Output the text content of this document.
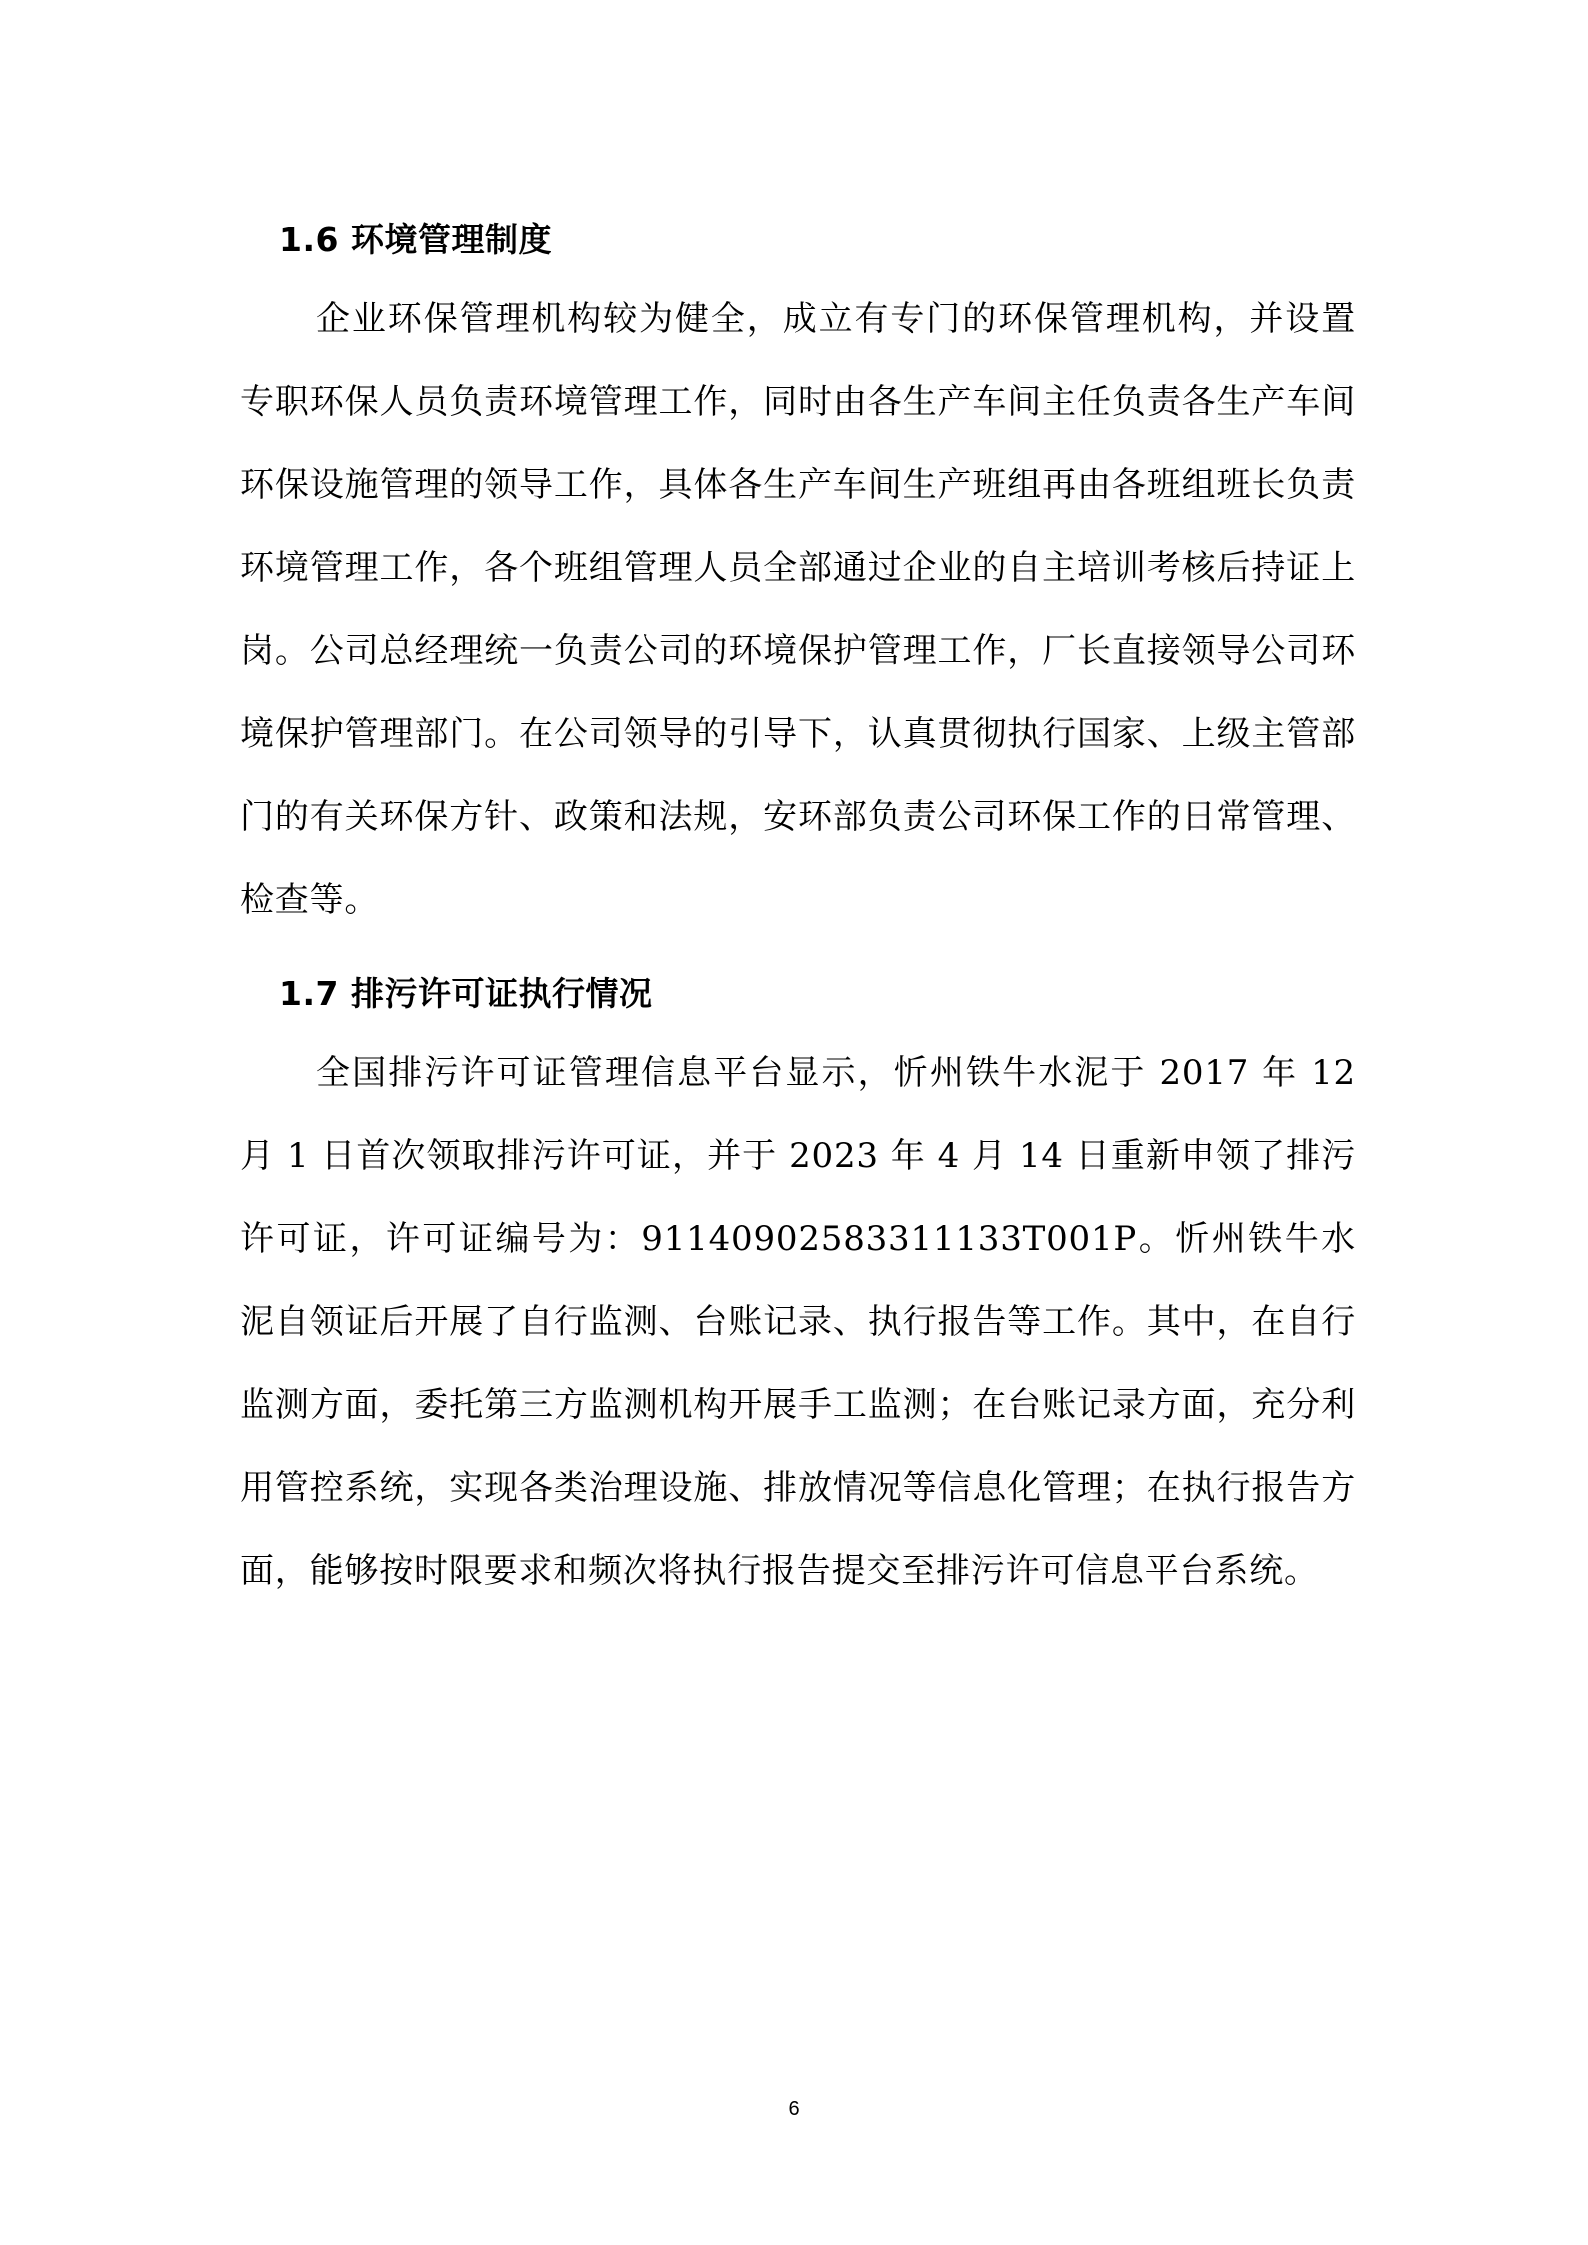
1.6 环境管理制度

企业环保管理机构较为健全，成立有专门的环保管理机构，并设置专职环保人员负责环境管理工作，同时由各生产车间主任负责各生产车间环保设施管理的领导工作，具体各生产车间生产班组再由各班组班长负责环境管理工作，各个班组管理人员全部通过企业的自主培训考核后持证上岗。公司总经理统一负责公司的环境保护管理工作，厂长直接领导公司环境保护管理部门。在公司领导的引导下，认真贯彻执行国家、上级主管部门的有关环保方针、政策和法规，安环部负责公司环保工作的日常管理、检查等。

1.7 排污许可证执行情况

全国排污许可证管理信息平台显示，忻州铁牛水泥于 2017 年 12 月 1 日首次领取排污许可证，并于 2023 年 4 月 14 日重新申领了排污许可证，许可证编号为：91140902583311133T001P。忻州铁牛水泥自领证后开展了自行监测、台账记录、执行报告等工作。其中，在自行监测方面，委托第三方监测机构开展手工监测；在台账记录方面，充分利用管控系统，实现各类治理设施、排放情况等信息化管理；在执行报告方面，能够按时限要求和频次将执行报告提交至排污许可信息平台系统。

6
